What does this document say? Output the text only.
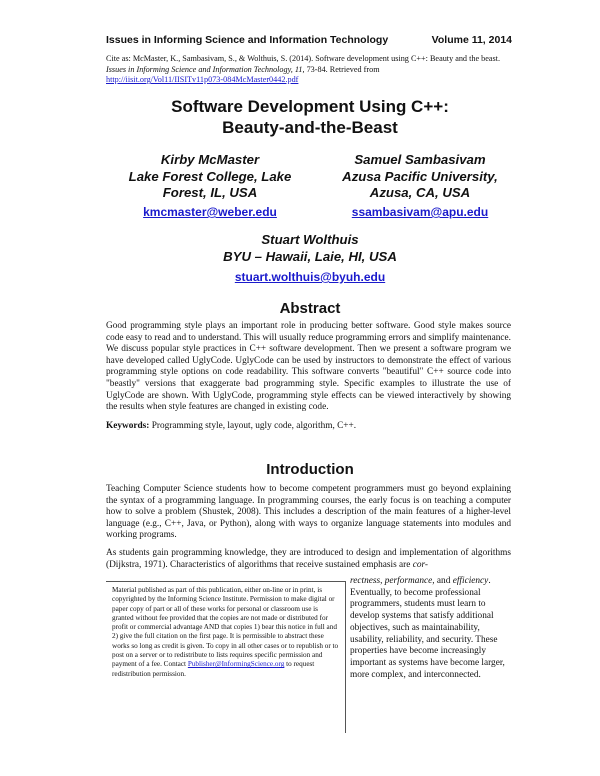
Issues in Informing Science and Information Technology	Volume 11, 2014
Cite as: McMaster, K., Sambasivam, S., & Wolthuis, S. (2014). Software development using C++: Beauty and the beast. Issues in Informing Science and Information Technology, 11, 73-84. Retrieved from
http://iisit.org/Vol11/IISITv11p073-084McMaster0442.pdf
Software Development Using C++:
Beauty-and-the-Beast
Kirby McMaster
Lake Forest College, Lake
Forest, IL, USA
kmcmaster@weber.edu
Samuel Sambasivam
Azusa Pacific University,
Azusa, CA, USA
ssambasivam@apu.edu
Stuart Wolthuis
BYU – Hawaii, Laie, HI, USA
stuart.wolthuis@byuh.edu
Abstract

Good programming style plays an important role in producing better software. Good style makes source code easy to read and to understand. This will usually reduce programming errors and simplify maintenance. We discuss popular style practices in C++ software development. Then we present a software program we have developed called UglyCode. UglyCode can be used by instructors to demonstrate the effect of various programming style options on code readability. This software converts "beautiful" C++ source code into "beastly" versions that exaggerate bad programming style. Specific examples to illustrate the use of UglyCode are shown. With UglyCode, programming style effects can be viewed interactively by showing the results when style features are changed in existing code.

Keywords: Programming style, layout, ugly code, algorithm, C++.

Introduction

Teaching Computer Science students how to become competent programmers must go beyond explaining the syntax of a programming language. In programming courses, the early focus is on teaching a computer how to solve a problem (Shustek, 2008). This includes a description of the main features of a higher-level language (e.g., C++, Java, or Python), along with ways to organize language statements into modules and working programs.

As students gain programming knowledge, they are introduced to design and implementation of algorithms (Dijkstra, 1971). Characteristics of algorithms that receive sustained emphasis are cor-

Material published as part of this publication, either on-line or in print, is copyrighted by the Informing Science Institute. Permission to make digital or paper copy of part or all of these works for personal or classroom use is granted without fee provided that the copies are not made or distributed for profit or commercial advantage AND that copies 1) bear this notice in full and 2) give the full citation on the first page. It is permissible to abstract these works so long as credit is given. To copy in all other cases or to republish or to post on a server or to redistribute to lists requires specific permission and payment of a fee. Contact Publisher@InformingScience.org to request redistribution permission.
rectness, performance, and efficiency. Eventually, to become professional programmers, students must learn to develop systems that satisfy additional objectives, such as maintainability, usability, reliability, and security. These properties have become increasingly important as systems have become larger, more complex, and interconnected.
